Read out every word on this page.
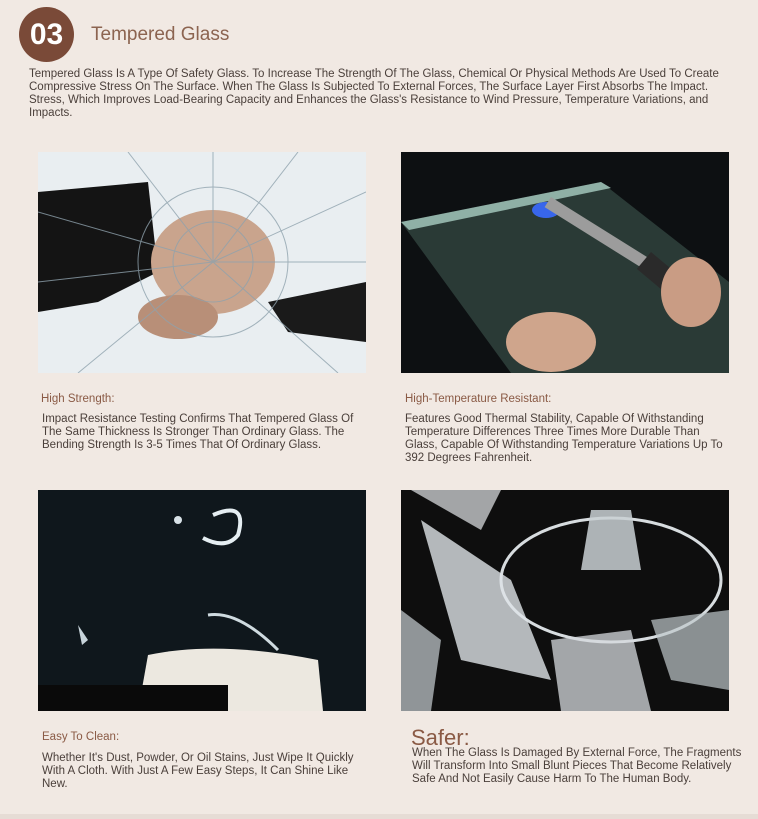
03	Tempered Glass
Tempered Glass Is A Type Of Safety Glass. To Increase The Strength Of The Glass, Chemical Or Physical Methods Are Used To Create Compressive Stress On The Surface. When The Glass Is Subjected To External Forces, The Surface Layer First Absorbs The Impact. Stress, Which Improves Load-Bearing Capacity and Enhances the Glass's Resistance to Wind Pressure, Temperature Variations, and Impacts.
High Strength:
Impact Resistance Testing Confirms That Tempered Glass Of The Same Thickness Is Stronger Than Ordinary Glass. The Bending Strength Is 3-5 Times That Of Ordinary Glass.
High-Temperature Resistant:
Features Good Thermal Stability, Capable Of Withstanding Temperature Differences Three Times More Durable Than Glass, Capable Of Withstanding Temperature Variations Up To 392 Degrees Fahrenheit.
Easy To Clean:
Whether It's Dust, Powder, Or Oil Stains, Just Wipe It Quickly With A Cloth. With Just A Few Easy Steps, It Can Shine Like New.
Safer:
When The Glass Is Damaged By External Force, The Fragments Will Transform Into Small Blunt Pieces That Become Relatively Safe And Not Easily Cause Harm To The Human Body.
